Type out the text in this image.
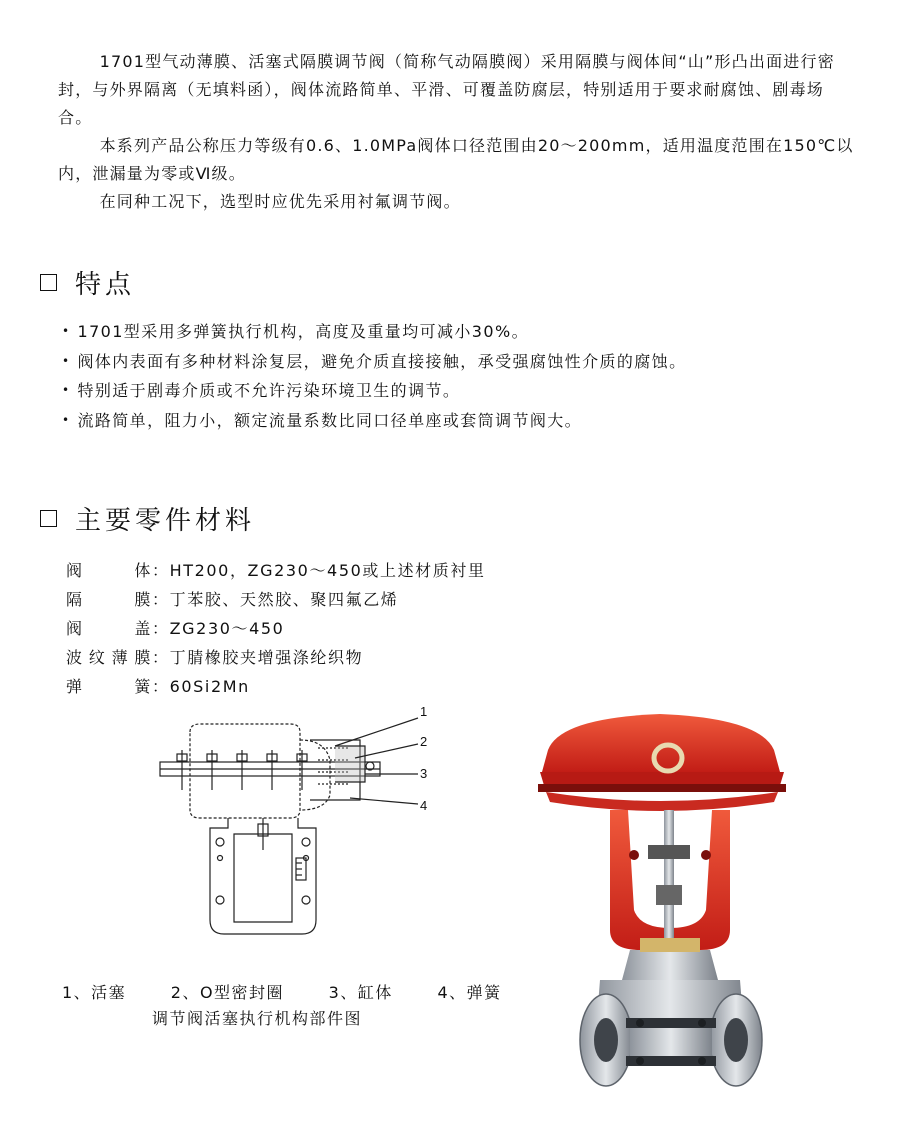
1701型气动薄膜、活塞式隔膜调节阀（简称气动隔膜阀）采用隔膜与阀体间“山”形凸出面进行密封，与外界隔离（无填料函），阀体流路简单、平滑、可覆盖防腐层，特别适用于要求耐腐蚀、剧毒场合。

本系列产品公称压力等级有0.6、1.0MPa阀体口径范围由20～200mm，适用温度范围在150℃以内，泄漏量为零或Ⅵ级。

在同种工况下，选型时应优先采用衬氟调节阀。

特点
• 1701型采用多弹簧执行机构，高度及重量均可减小30%。
• 阀体内表面有多种材料涂复层，避免介质直接接触，承受强腐蚀性介质的腐蚀。
• 特别适于剧毒介质或不允许污染环境卫生的调节。
• 流路简单，阻力小，额定流量系数比同口径单座或套筒调节阀大。
主要零件材料
阀体：HT200，ZG230～450或上述材质衬里
隔膜：丁苯胶、天然胶、聚四氟乙烯
阀盖：ZG230～450
波纹薄膜：丁腈橡胶夹增强涤纶织物
弹簧：60Si2Mn
1
2
3
4
1、活塞	2、O型密封圈	3、缸体	4、弹簧
调节阀活塞执行机构部件图
